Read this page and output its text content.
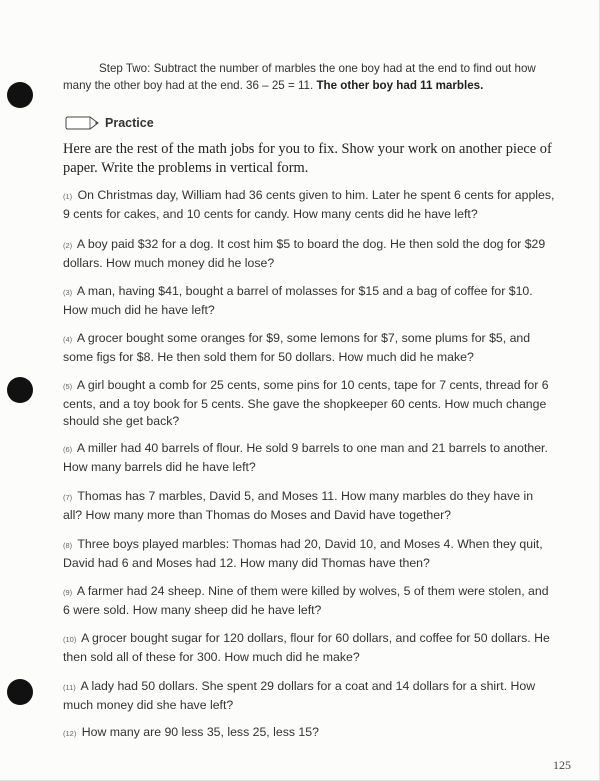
Step Two: Subtract the number of marbles the one boy had at the end to find out how many the other boy had at the end. 36 – 25 = 11. The other boy had 11 marbles.
Practice
Here are the rest of the math jobs for you to fix. Show your work on another piece of paper. Write the problems in vertical form.
(1) On Christmas day, William had 36 cents given to him. Later he spent 6 cents for apples, 9 cents for cakes, and 10 cents for candy. How many cents did he have left?
(2) A boy paid $32 for a dog. It cost him $5 to board the dog. He then sold the dog for $29 dollars. How much money did he lose?
(3) A man, having $41, bought a barrel of molasses for $15 and a bag of coffee for $10. How much did he have left?
(4) A grocer bought some oranges for $9, some lemons for $7, some plums for $5, and some figs for $8. He then sold them for 50 dollars. How much did he make?
(5) A girl bought a comb for 25 cents, some pins for 10 cents, tape for 7 cents, thread for 6 cents, and a toy book for 5 cents. She gave the shopkeeper 60 cents. How much change should she get back?
(6) A miller had 40 barrels of flour. He sold 9 barrels to one man and 21 barrels to another. How many barrels did he have left?
(7) Thomas has 7 marbles, David 5, and Moses 11. How many marbles do they have in all? How many more than Thomas do Moses and David have together?
(8) Three boys played marbles: Thomas had 20, David 10, and Moses 4. When they quit, David had 6 and Moses had 12. How many did Thomas have then?
(9) A farmer had 24 sheep. Nine of them were killed by wolves, 5 of them were stolen, and 6 were sold. How many sheep did he have left?
(10) A grocer bought sugar for 120 dollars, flour for 60 dollars, and coffee for 50 dollars. He then sold all of these for 300. How much did he make?
(11) A lady had 50 dollars. She spent 29 dollars for a coat and 14 dollars for a shirt. How much money did she have left?
(12) How many are 90 less 35, less 25, less 15?
125
